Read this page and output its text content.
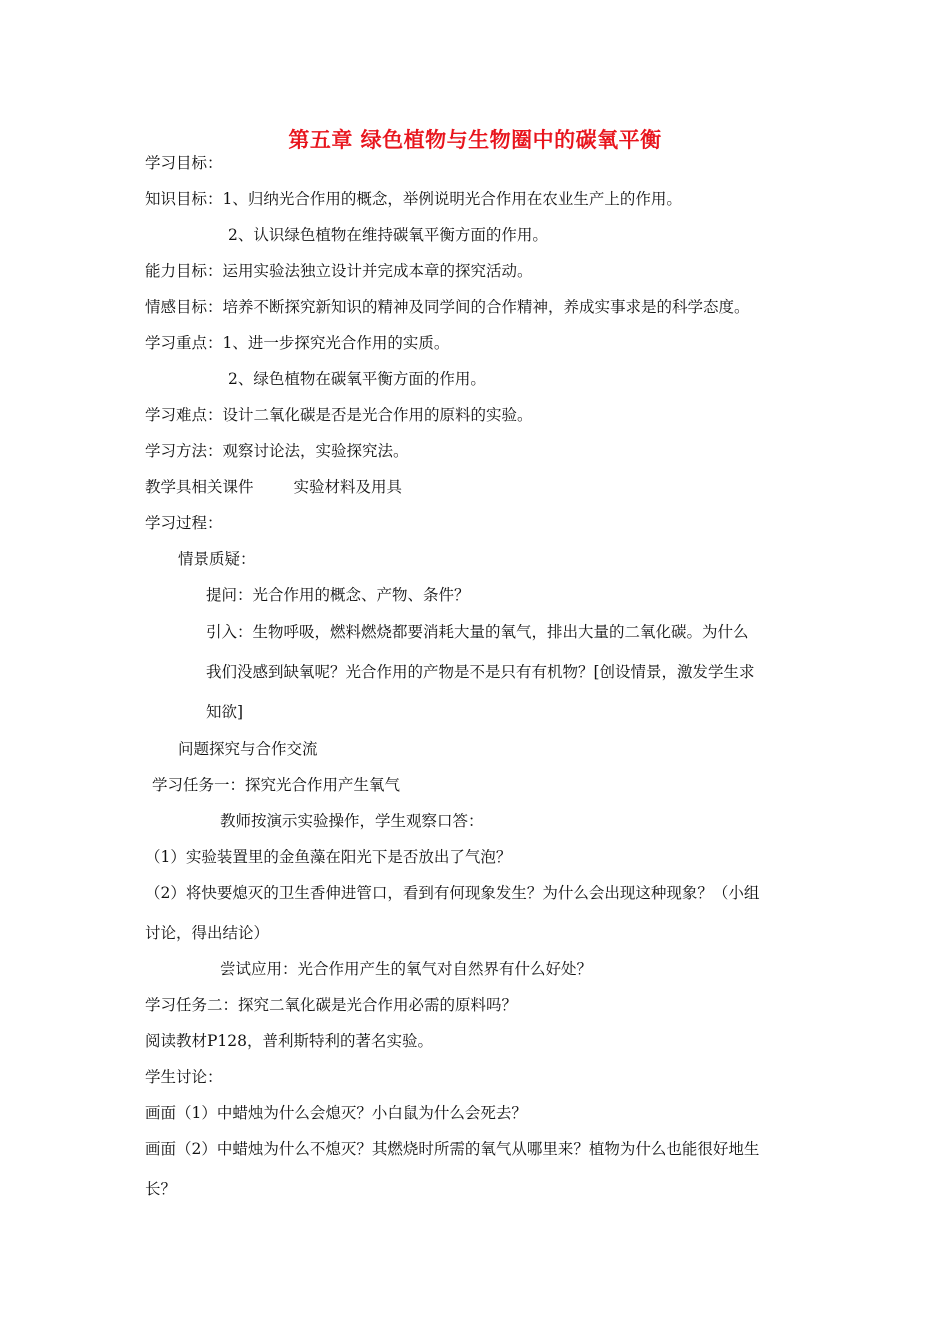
第五章 绿色植物与生物圈中的碳氧平衡
学习目标：
知识目标：1、归纳光合作用的概念，举例说明光合作用在农业生产上的作用。
2、认识绿色植物在维持碳氧平衡方面的作用。
能力目标：运用实验法独立设计并完成本章的探究活动。
情感目标：培养不断探究新知识的精神及同学间的合作精神，养成实事求是的科学态度。
学习重点：1、进一步探究光合作用的实质。
2、绿色植物在碳氧平衡方面的作用。
学习难点：设计二氧化碳是否是光合作用的原料的实验。
学习方法：观察讨论法，实验探究法。
教学具相关课件	实验材料及用具
学习过程：
情景质疑：
提问：光合作用的概念、产物、条件？
引入：生物呼吸，燃料燃烧都要消耗大量的氧气，排出大量的二氧化碳。为什么
我们没感到缺氧呢？光合作用的产物是不是只有有机物？[创设情景，激发学生求
知欲]
问题探究与合作交流
学习任务一：探究光合作用产生氧气
教师按演示实验操作，学生观察口答：
（1）实验装置里的金鱼藻在阳光下是否放出了气泡？
（2）将快要熄灭的卫生香伸进管口，看到有何现象发生？为什么会出现这种现象？（小组
讨论，得出结论）
尝试应用：光合作用产生的氧气对自然界有什么好处？
学习任务二：探究二氧化碳是光合作用必需的原料吗？
阅读教材P128，普利斯特利的著名实验。
学生讨论：
画面（1）中蜡烛为什么会熄灭？小白鼠为什么会死去？
画面（2）中蜡烛为什么不熄灭？其燃烧时所需的氧气从哪里来？植物为什么也能很好地生
长？
